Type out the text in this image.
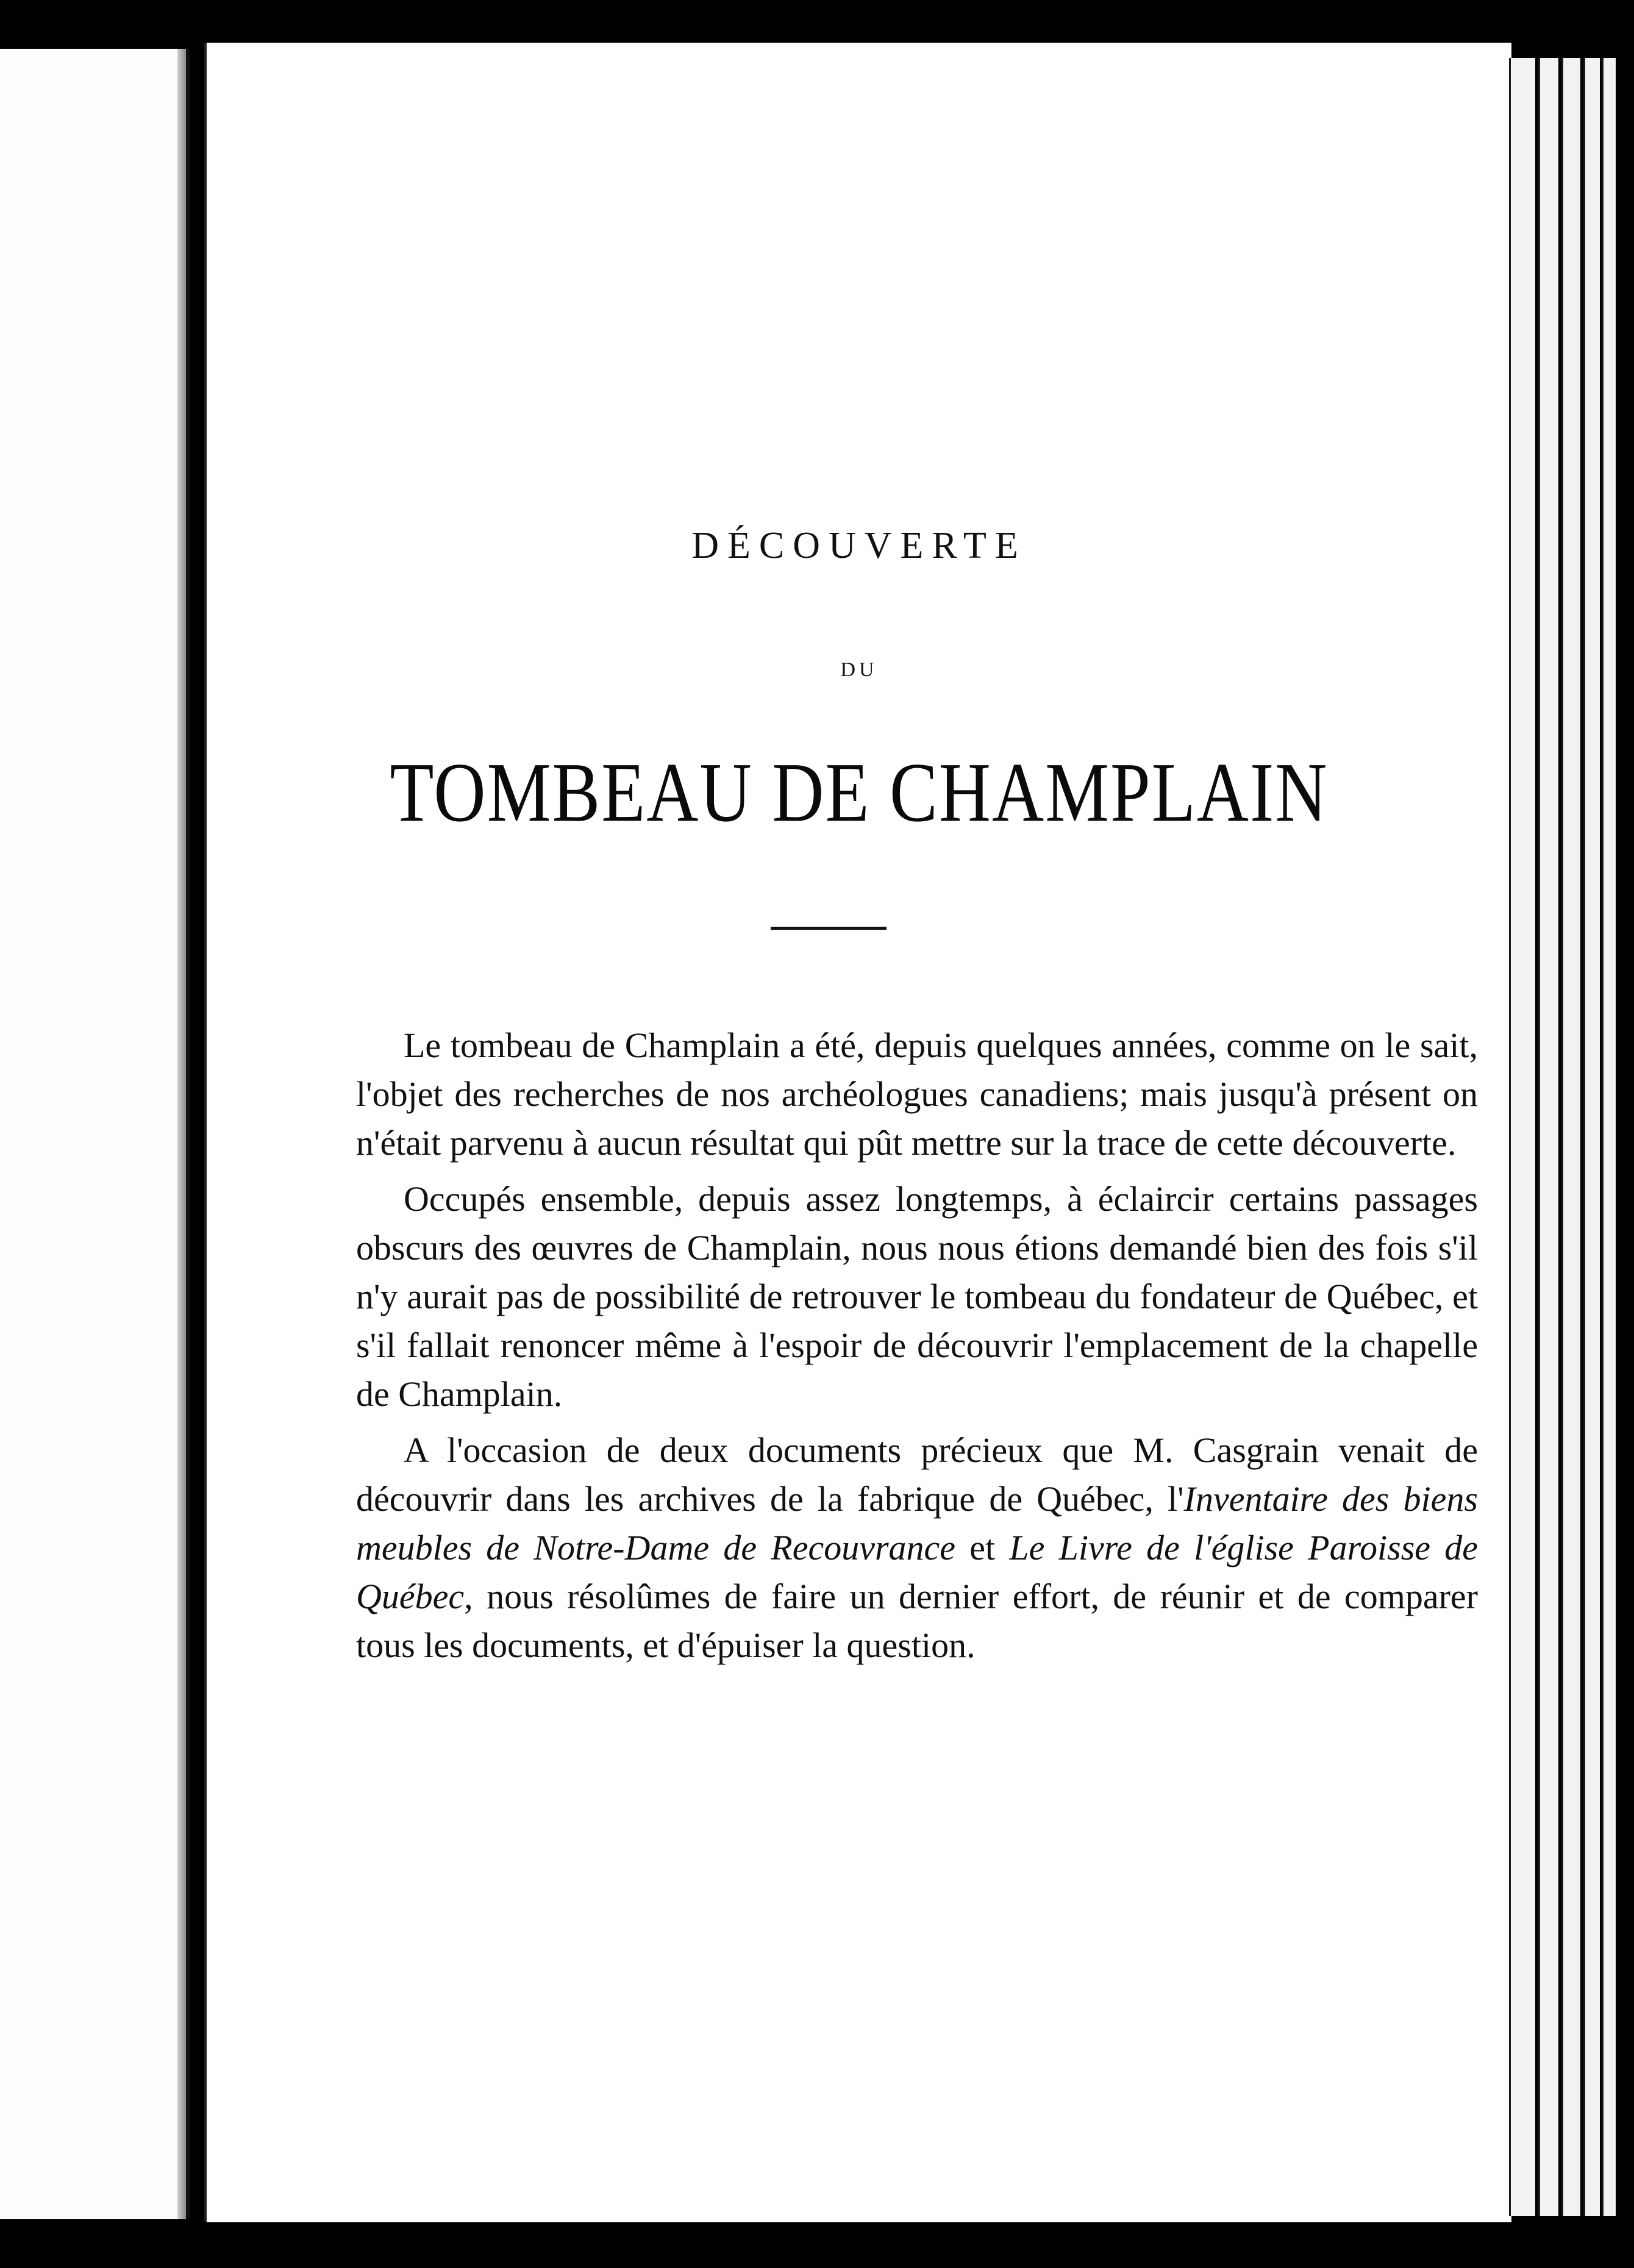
DÉCOUVERTE
DU
TOMBEAU DE CHAMPLAIN

Le tombeau de Champlain a été, depuis quelques années, comme on le sait, l'objet des recherches de nos archéologues canadiens; mais jusqu'à présent on n'était parvenu à aucun résultat qui pût mettre sur la trace de cette découverte.

Occupés ensemble, depuis assez longtemps, à éclaircir certains passages obscurs des œuvres de Champlain, nous nous étions demandé bien des fois s'il n'y aurait pas de possibilité de retrouver le tombeau du fondateur de Québec, et s'il fallait renoncer même à l'espoir de découvrir l'emplacement de la chapelle de Champlain.

A l'occasion de deux documents précieux que M. Casgrain venait de découvrir dans les archives de la fabrique de Québec, l'Inventaire des biens meubles de Notre-Dame de Recouvrance et Le Livre de l'église Paroisse de Québec, nous résolûmes de faire un dernier effort, de réunir et de comparer tous les documents, et d'épuiser la question.
